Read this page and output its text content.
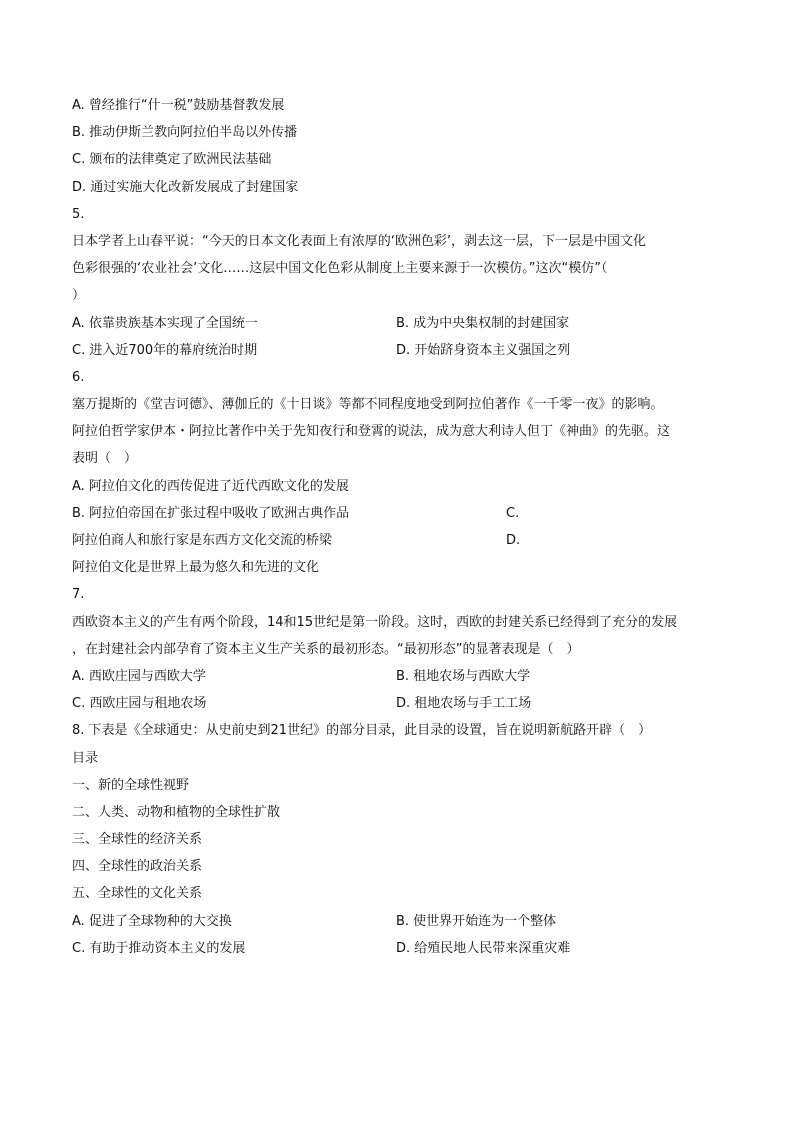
A. 曾经推行“什一税”鼓励基督教发展
B. 推动伊斯兰教向阿拉伯半岛以外传播
C. 颁布的法律奠定了欧洲民法基础
D. 通过实施大化改新发展成了封建国家
5.
日本学者上山春平说：“今天的日本文化表面上有浓厚的‘欧洲色彩’，剥去这一层，下一层是中国文化
色彩很强的‘农业社会’文化……这层中国文化色彩从制度上主要来源于一次模仿。”这次“模仿”（
）
A. 依靠贵族基本实现了全国统一	B. 成为中央集权制的封建国家
C. 进入近700年的幕府统治时期	D. 开始跻身资本主义强国之列
6.
塞万提斯的《堂吉诃德》、薄伽丘的《十日谈》等都不同程度地受到阿拉伯著作《一千零一夜》的影响。
阿拉伯哲学家伊本・阿拉比著作中关于先知夜行和登霄的说法，成为意大利诗人但丁《神曲》的先驱。这
表明（　）
A. 阿拉伯文化的西传促进了近代西欧文化的发展
B. 阿拉伯帝国在扩张过程中吸收了欧洲古典作品	C.
阿拉伯商人和旅行家是东西方文化交流的桥梁	D.
阿拉伯文化是世界上最为悠久和先进的文化
7.
西欧资本主义的产生有两个阶段，14和15世纪是第一阶段。这时，西欧的封建关系已经得到了充分的发展
，在封建社会内部孕育了资本主义生产关系的最初形态。“最初形态”的显著表现是（　）
A. 西欧庄园与西欧大学	B. 租地农场与西欧大学
C. 西欧庄园与租地农场	D. 租地农场与手工工场
8. 下表是《全球通史：从史前史到21世纪》的部分目录，此目录的设置，旨在说明新航路开辟（　）
目录
一、新的全球性视野
二、人类、动物和植物的全球性扩散
三、全球性的经济关系
四、全球性的政治关系
五、全球性的文化关系
A. 促进了全球物种的大交换	B. 使世界开始连为一个整体
C. 有助于推动资本主义的发展	D. 给殖民地人民带来深重灾难
